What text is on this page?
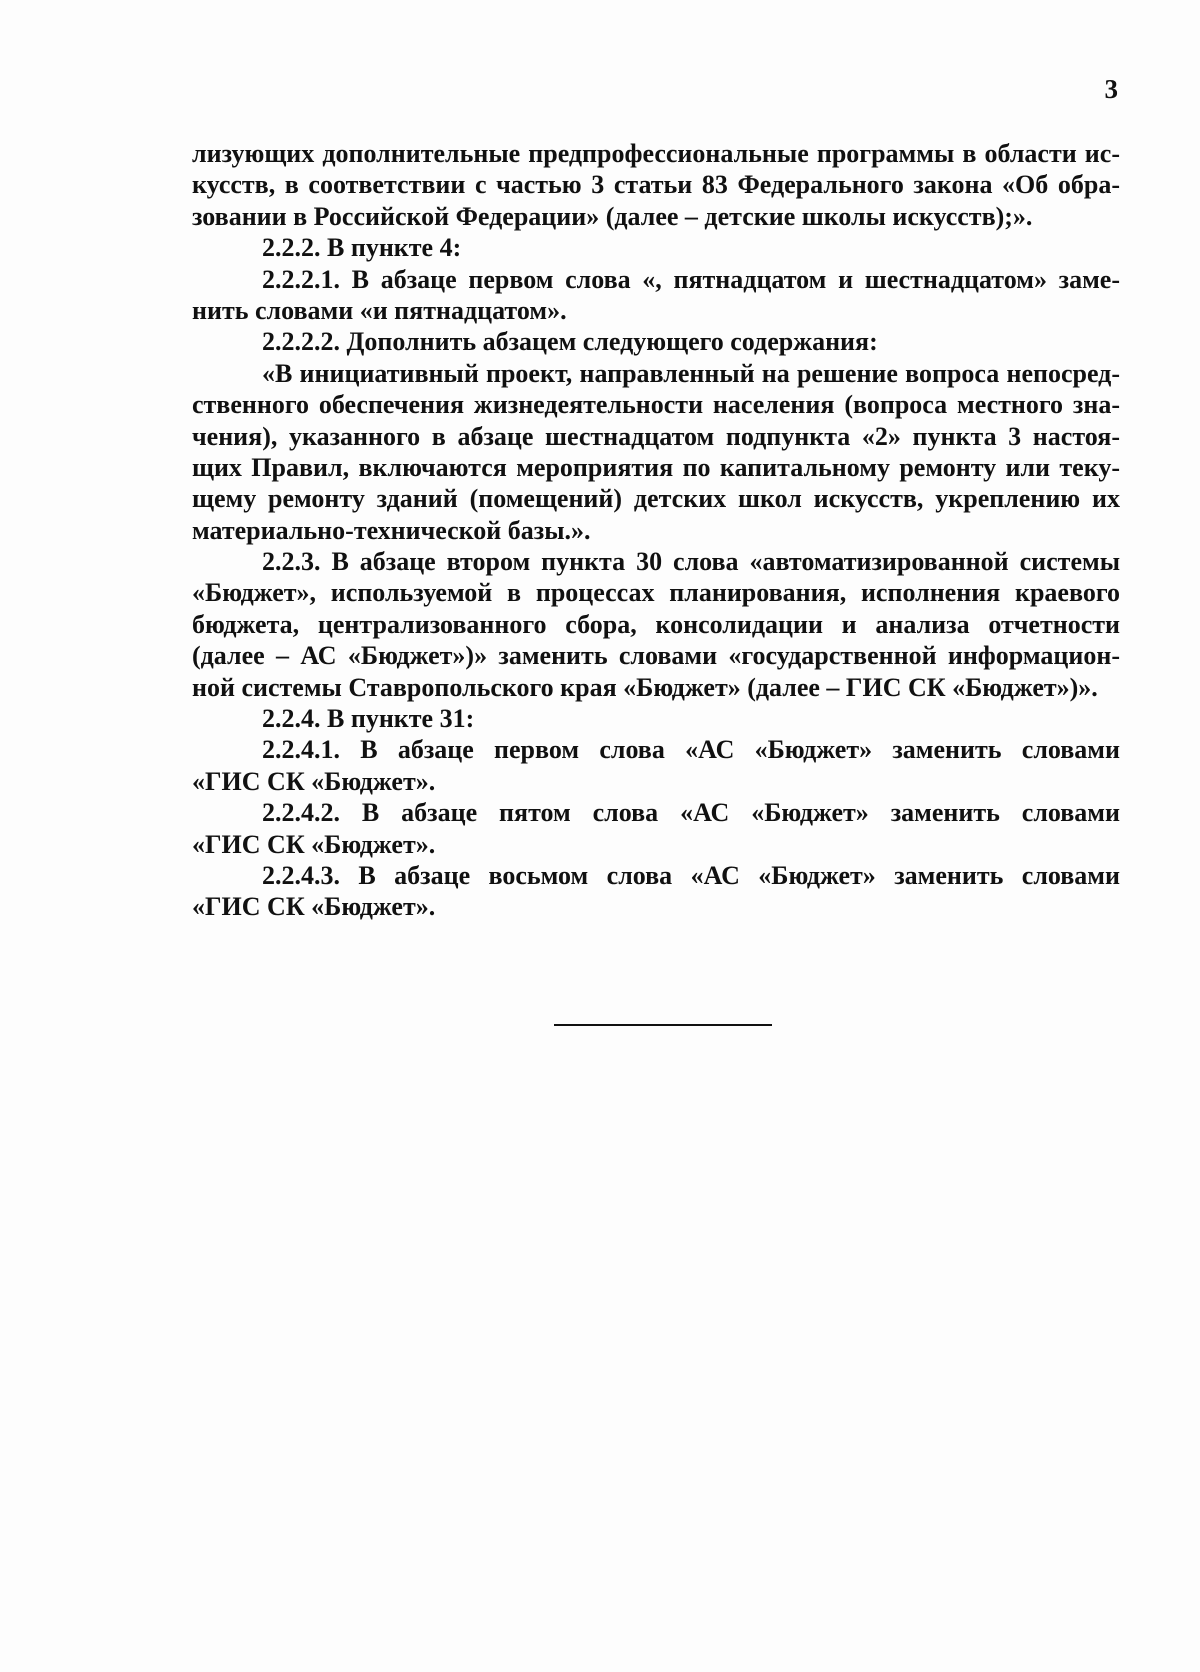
3
лизующих дополнительные предпрофессиональные программы в области ис-
кусств, в соответствии с частью 3 статьи 83 Федерального закона «Об обра-
зовании в Российской Федерации» (далее – детские школы искусств);».
2.2.2. В пункте 4:
2.2.2.1. В абзаце первом слова «, пятнадцатом и шестнадцатом» заме-
нить словами «и пятнадцатом».
2.2.2.2. Дополнить абзацем следующего содержания:
«В инициативный проект, направленный на решение вопроса непосред-
ственного обеспечения жизнедеятельности населения (вопроса местного зна-
чения), указанного в абзаце шестнадцатом подпункта «2» пункта 3 настоя-
щих Правил, включаются мероприятия по капитальному ремонту или теку-
щему ремонту зданий (помещений) детских школ искусств, укреплению их
материально-технической базы.».
2.2.3. В абзаце втором пункта 30 слова «автоматизированной системы
«Бюджет», используемой в процессах планирования, исполнения краевого
бюджета, централизованного сбора, консолидации и анализа отчетности
(далее – АС «Бюджет»)» заменить словами «государственной информацион-
ной системы Ставропольского края «Бюджет» (далее – ГИС СК «Бюджет»)».
2.2.4. В пункте 31:
2.2.4.1. В абзаце первом слова «АС «Бюджет» заменить словами
«ГИС СК «Бюджет».
2.2.4.2. В абзаце пятом слова «АС «Бюджет» заменить словами
«ГИС СК «Бюджет».
2.2.4.3. В абзаце восьмом слова «АС «Бюджет» заменить словами
«ГИС СК «Бюджет».
